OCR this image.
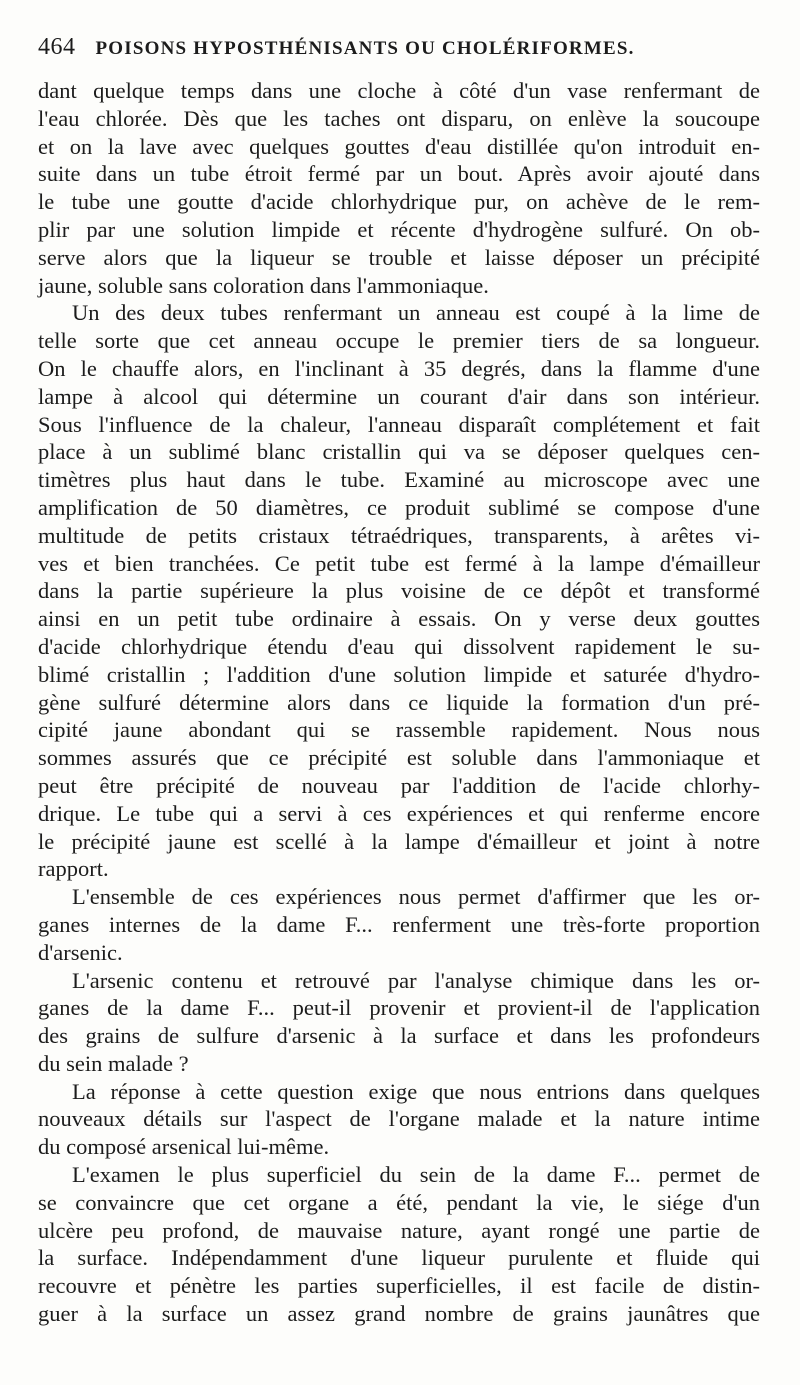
464 POISONS HYPOSTHÉNISANTS OU CHOLÉRIFORMES.
dant quelque temps dans une cloche à côté d'un vase renfermant de
l'eau chlorée. Dès que les taches ont disparu, on enlève la soucoupe
et on la lave avec quelques gouttes d'eau distillée qu'on introduit en-
suite dans un tube étroit fermé par un bout. Après avoir ajouté dans
le tube une goutte d'acide chlorhydrique pur, on achève de le rem-
plir par une solution limpide et récente d'hydrogène sulfuré. On ob-
serve alors que la liqueur se trouble et laisse déposer un précipité
jaune, soluble sans coloration dans l'ammoniaque.
Un des deux tubes renfermant un anneau est coupé à la lime de
telle sorte que cet anneau occupe le premier tiers de sa longueur.
On le chauffe alors, en l'inclinant à 35 degrés, dans la flamme d'une
lampe à alcool qui détermine un courant d'air dans son intérieur.
Sous l'influence de la chaleur, l'anneau disparaît complétement et fait
place à un sublimé blanc cristallin qui va se déposer quelques cen-
timètres plus haut dans le tube. Examiné au microscope avec une
amplification de 50 diamètres, ce produit sublimé se compose d'une
multitude de petits cristaux tétraédriques, transparents, à arêtes vi-
ves et bien tranchées. Ce petit tube est fermé à la lampe d'émailleur
dans la partie supérieure la plus voisine de ce dépôt et transformé
ainsi en un petit tube ordinaire à essais. On y verse deux gouttes
d'acide chlorhydrique étendu d'eau qui dissolvent rapidement le su-
blimé cristallin ; l'addition d'une solution limpide et saturée d'hydro-
gène sulfuré détermine alors dans ce liquide la formation d'un pré-
cipité jaune abondant qui se rassemble rapidement. Nous nous
sommes assurés que ce précipité est soluble dans l'ammoniaque et
peut être précipité de nouveau par l'addition de l'acide chlorhy-
drique. Le tube qui a servi à ces expériences et qui renferme encore
le précipité jaune est scellé à la lampe d'émailleur et joint à notre
rapport.
L'ensemble de ces expériences nous permet d'affirmer que les or-
ganes internes de la dame F... renferment une très-forte proportion
d'arsenic.
L'arsenic contenu et retrouvé par l'analyse chimique dans les or-
ganes de la dame F... peut-il provenir et provient-il de l'application
des grains de sulfure d'arsenic à la surface et dans les profondeurs
du sein malade ?
La réponse à cette question exige que nous entrions dans quelques
nouveaux détails sur l'aspect de l'organe malade et la nature intime
du composé arsenical lui-même.
L'examen le plus superficiel du sein de la dame F... permet de
se convaincre que cet organe a été, pendant la vie, le siége d'un
ulcère peu profond, de mauvaise nature, ayant rongé une partie de
la surface. Indépendamment d'une liqueur purulente et fluide qui
recouvre et pénètre les parties superficielles, il est facile de distin-
guer à la surface un assez grand nombre de grains jaunâtres que
